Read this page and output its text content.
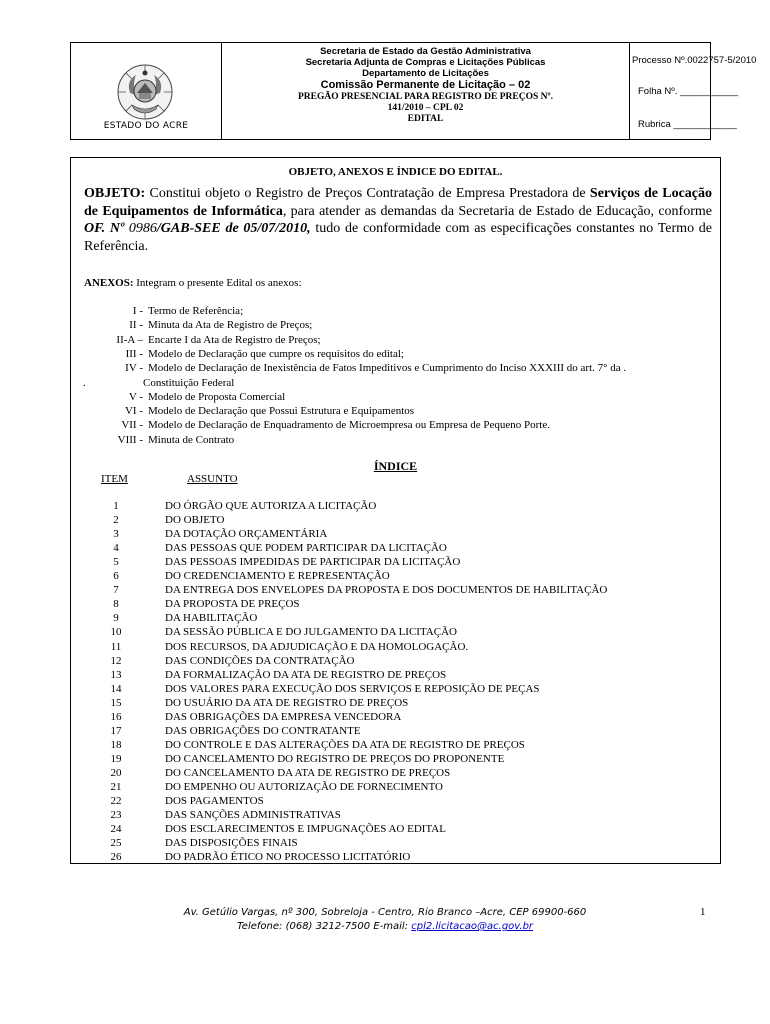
ESTADO DO ACRE
Secretaria de Estado da Gestão Administrativa
Secretaria Adjunta de Compras e Licitações Públicas
Departamento de Licitações
Comissão Permanente de Licitação – 02
PREGÃO PRESENCIAL PARA REGISTRO DE PREÇOS Nº.
141/2010 – CPL 02
EDITAL
Processo Nº.0022757-5/2010
Folha Nº. ___________
Rubrica ____________
OBJETO, ANEXOS E ÍNDICE DO EDITAL.
OBJETO: Constitui objeto o Registro de Preços Contratação de Empresa Prestadora de Serviços de Locação de Equipamentos de Informática, para atender as demandas da Secretaria de Estado de Educação, conforme OF. Nº 0986/GAB-SEE de 05/07/2010, tudo de conformidade com as especificações constantes no Termo de Referência.
ANEXOS: Integram o presente Edital os anexos:
I - Termo de Referência;
II - Minuta da Ata de Registro de Preços;
II-A – Encarte I da Ata de Registro de Preços;
III - Modelo de Declaração que cumpre os requisitos do edital;
IV - Modelo de Declaração de Inexistência de Fatos Impeditivos e Cumprimento do Inciso XXXIII do art. 7° da .
.	Constituição Federal
V - Modelo de Proposta Comercial
VI - Modelo de Declaração que Possui Estrutura e Equipamentos
VII - Modelo de Declaração de Enquadramento de Microempresa ou Empresa de Pequeno Porte.
VIII - Minuta de Contrato
ÍNDICE
ITEM	ASSUNTO
1	DO ÓRGÃO QUE AUTORIZA A LICITAÇÃO
2	DO OBJETO
3	DA DOTAÇÃO ORÇAMENTÁRIA
4	DAS PESSOAS QUE PODEM PARTICIPAR DA LICITAÇÃO
5	DAS PESSOAS IMPEDIDAS DE PARTICIPAR DA LICITAÇÃO
6	DO CREDENCIAMENTO E REPRESENTAÇÃO
7	DA ENTREGA DOS ENVELOPES DA PROPOSTA E DOS DOCUMENTOS DE HABILITAÇÃO
8	DA PROPOSTA DE PREÇOS
9	DA HABILITAÇÃO
10	DA SESSÃO PÚBLICA E DO JULGAMENTO DA LICITAÇÃO
11	DOS RECURSOS, DA ADJUDICAÇÃO E DA HOMOLOGAÇÃO.
12	DAS CONDIÇÕES DA CONTRATAÇÃO
13	DA FORMALIZAÇÃO DA ATA DE REGISTRO DE PREÇOS
14	DOS VALORES PARA EXECUÇÃO DOS SERVIÇOS E REPOSIÇÃO DE PEÇAS
15	DO USUÁRIO DA ATA DE REGISTRO DE PREÇOS
16	DAS OBRIGAÇÕES DA EMPRESA VENCEDORA
17	DAS OBRIGAÇÕES DO CONTRATANTE
18	DO CONTROLE E DAS ALTERAÇÕES DA ATA DE REGISTRO DE PREÇOS
19	DO CANCELAMENTO DO REGISTRO DE PREÇOS DO PROPONENTE
20	DO CANCELAMENTO DA ATA DE REGISTRO DE PREÇOS
21	DO EMPENHO OU AUTORIZAÇÃO DE FORNECIMENTO
22	DOS PAGAMENTOS
23	DAS SANÇÕES ADMINISTRATIVAS
24	DOS ESCLARECIMENTOS E IMPUGNAÇÕES AO EDITAL
25	DAS DISPOSIÇÕES FINAIS
26	DO PADRÃO ÉTICO NO PROCESSO LICITATÓRIO
Av. Getúlio Vargas, nº 300, Sobreloja - Centro, Rio Branco –Acre, CEP 69900-660
Telefone: (068) 3212-7500 E-mail: cpl2.licitacao@ac.gov.br
1
